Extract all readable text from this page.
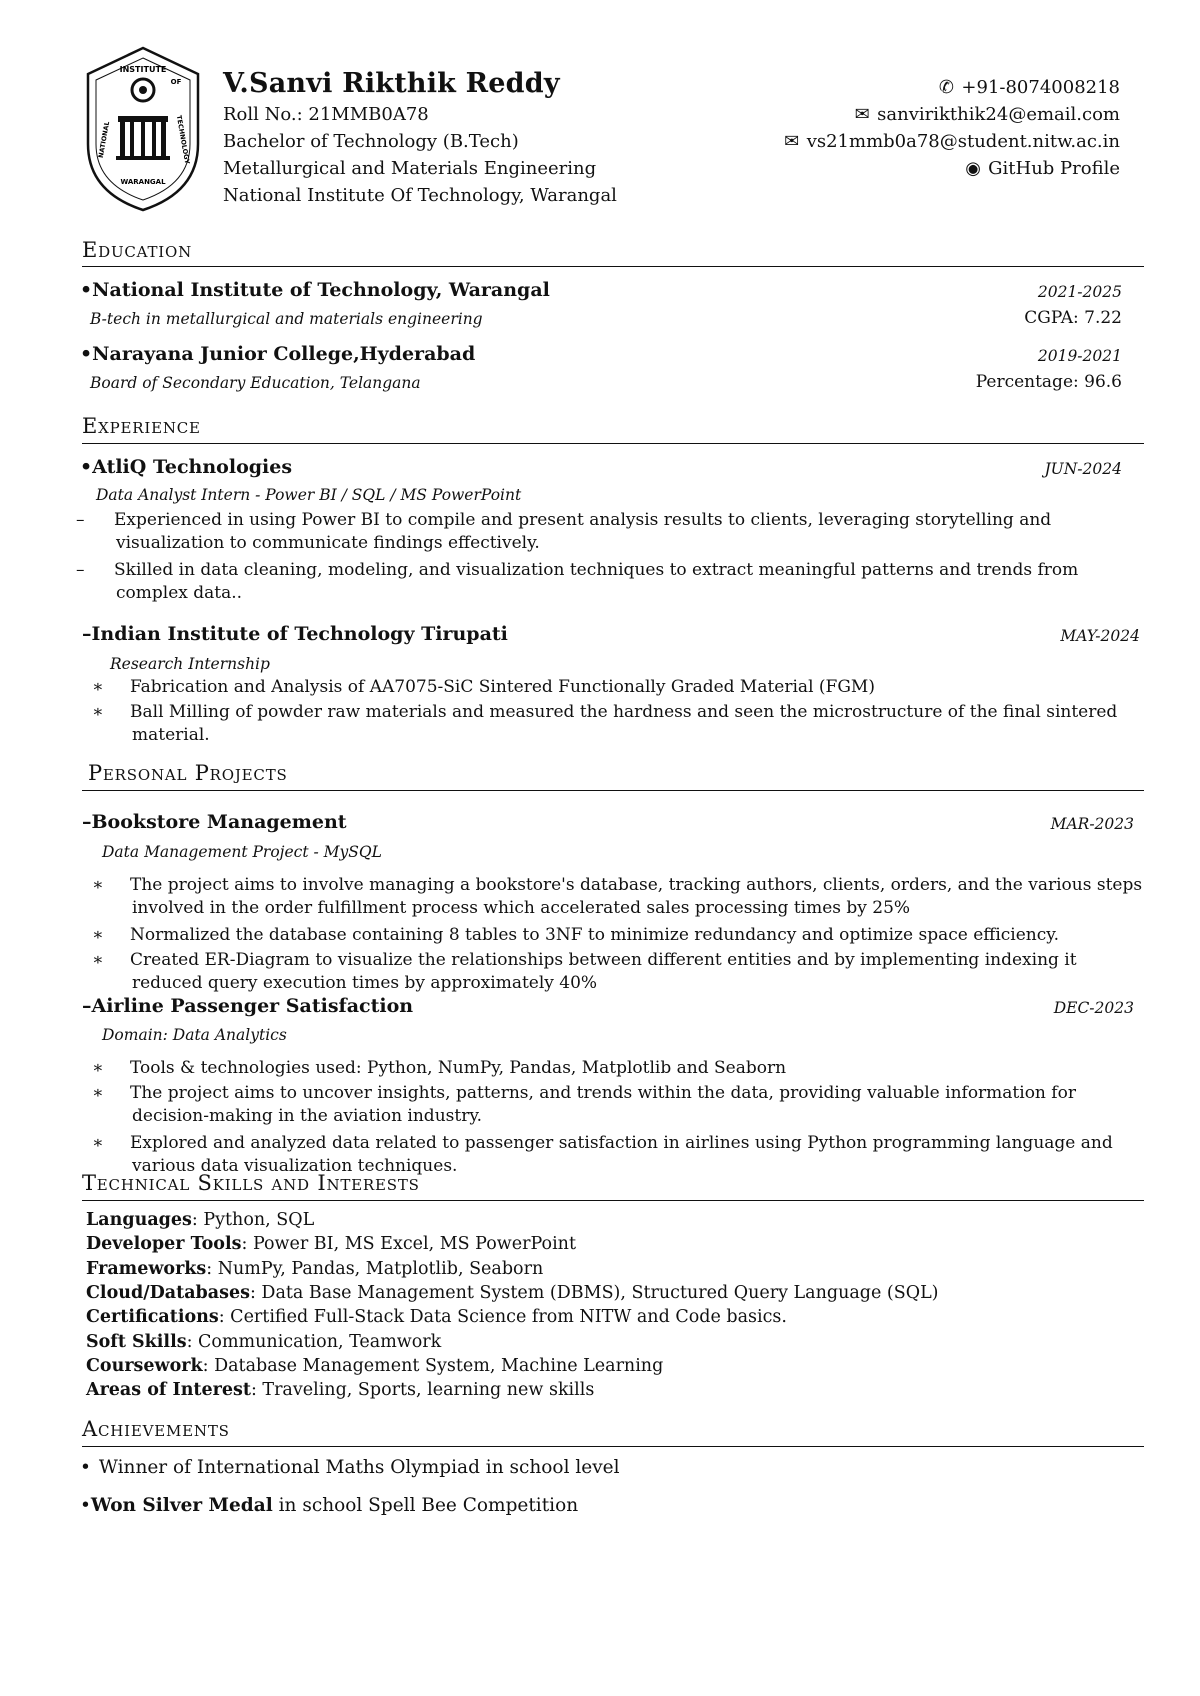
INSTITUTE
OF
NATIONAL	TECHNOLOGY
WARANGAL
V.Sanvi Rikthik Reddy
Roll No.: 21MMB0A78
Bachelor of Technology (B.Tech)
Metallurgical and Materials Engineering
National Institute Of Technology, Warangal
✆ +91-8074008218
✉ sanvirikthik24@email.com
✉ vs21mmb0a78@student.nitw.ac.in
◉ GitHub Profile
Education
•National Institute of Technology, Warangal	2021-2025
B-tech in metallurgical and materials engineering	CGPA: 7.22
•Narayana Junior College,Hyderabad	2019-2021
Board of Secondary Education, Telangana	Percentage: 96.6
Experience
•AtliQ Technologies	JUN-2024
Data Analyst Intern - Power BI / SQL / MS PowerPoint
– Experienced in using Power BI to compile and present analysis results to clients, leveraging storytelling and visualization to communicate findings effectively.
– Skilled in data cleaning, modeling, and visualization techniques to extract meaningful patterns and trends from complex data..
–Indian Institute of Technology Tirupati	MAY-2024
Research Internship
∗ Fabrication and Analysis of AA7075-SiC Sintered Functionally Graded Material (FGM)
∗ Ball Milling of powder raw materials and measured the hardness and seen the microstructure of the final sintered material.
Personal Projects
–Bookstore Management	MAR-2023
Data Management Project - MySQL
∗ The project aims to involve managing a bookstore's database, tracking authors, clients, orders, and the various steps involved in the order fulfillment process which accelerated sales processing times by 25%
∗ Normalized the database containing 8 tables to 3NF to minimize redundancy and optimize space efficiency.
∗ Created ER-Diagram to visualize the relationships between different entities and by implementing indexing it reduced query execution times by approximately 40%
–Airline Passenger Satisfaction	DEC-2023
Domain: Data Analytics
∗ Tools & technologies used: Python, NumPy, Pandas, Matplotlib and Seaborn
∗ The project aims to uncover insights, patterns, and trends within the data, providing valuable information for decision-making in the aviation industry.
∗ Explored and analyzed data related to passenger satisfaction in airlines using Python programming language and various data visualization techniques.
Technical Skills and Interests
Languages: Python, SQL
Developer Tools: Power BI, MS Excel, MS PowerPoint
Frameworks: NumPy, Pandas, Matplotlib, Seaborn
Cloud/Databases: Data Base Management System (DBMS), Structured Query Language (SQL)
Certifications: Certified Full-Stack Data Science from NITW and Code basics.
Soft Skills: Communication, Teamwork
Coursework: Database Management System, Machine Learning
Areas of Interest: Traveling, Sports, learning new skills
Achievements
• Winner of International Maths Olympiad in school level
•Won Silver Medal in school Spell Bee Competition
